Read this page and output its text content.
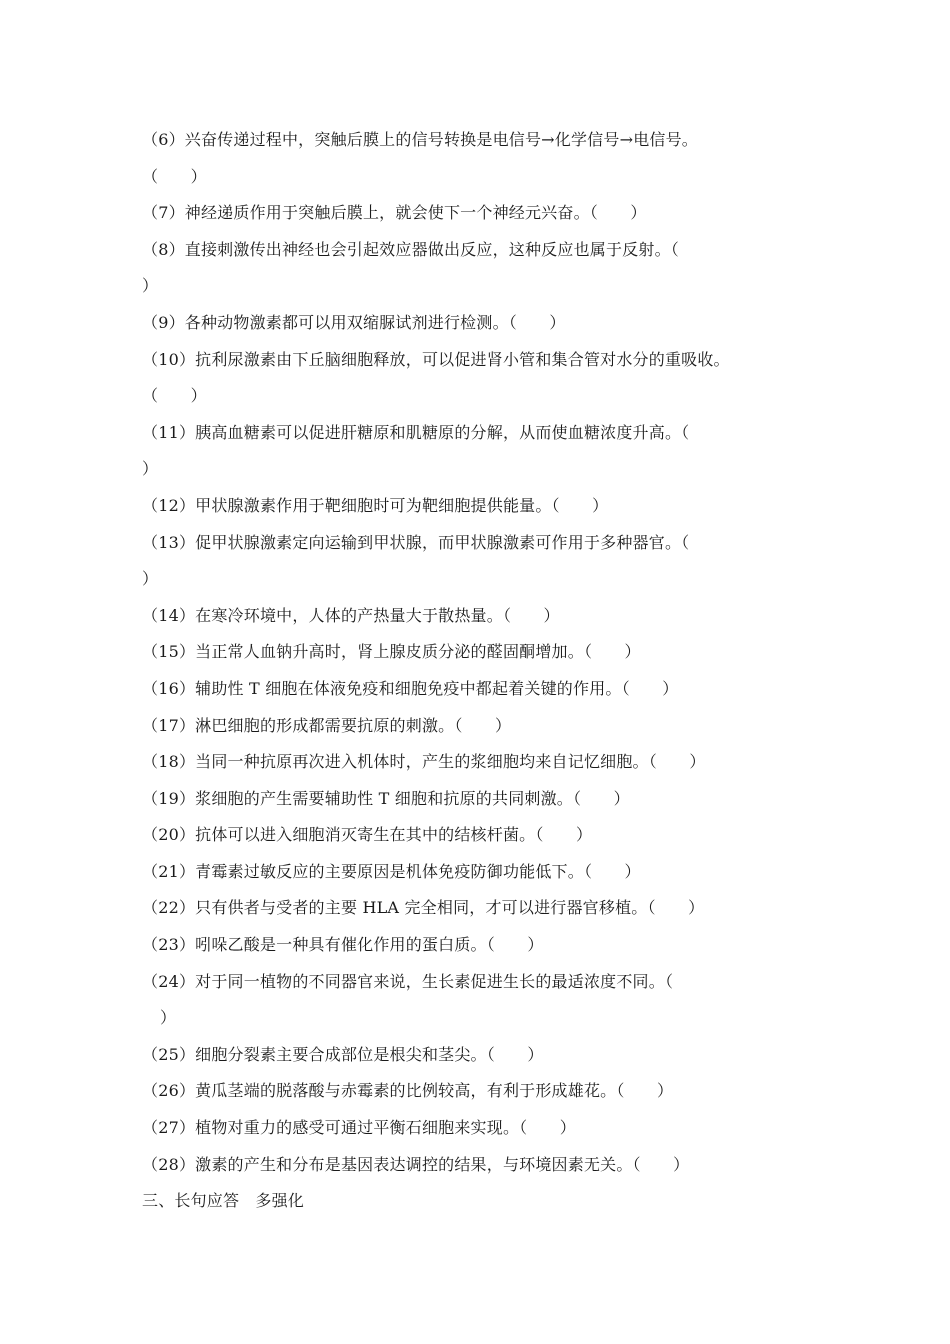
（6）兴奋传递过程中，突触后膜上的信号转换是电信号→化学信号→电信号。
（　　）
（7）神经递质作用于突触后膜上，就会使下一个神经元兴奋。（　　）
（8）直接刺激传出神经也会引起效应器做出反应，这种反应也属于反射。（
）
（9）各种动物激素都可以用双缩脲试剂进行检测。（　　）
（10）抗利尿激素由下丘脑细胞释放，可以促进肾小管和集合管对水分的重吸收。
（　　）
（11）胰高血糖素可以促进肝糖原和肌糖原的分解，从而使血糖浓度升高。（
）
（12）甲状腺激素作用于靶细胞时可为靶细胞提供能量。（　　）
（13）促甲状腺激素定向运输到甲状腺，而甲状腺激素可作用于多种器官。（
）
（14）在寒冷环境中，人体的产热量大于散热量。（　　）
（15）当正常人血钠升高时，肾上腺皮质分泌的醛固酮增加。（　　）
（16）辅助性 T 细胞在体液免疫和细胞免疫中都起着关键的作用。（　　）
（17）淋巴细胞的形成都需要抗原的刺激。（　　）
（18）当同一种抗原再次进入机体时，产生的浆细胞均来自记忆细胞。（　　）
（19）浆细胞的产生需要辅助性 T 细胞和抗原的共同刺激。（　　）
（20）抗体可以进入细胞消灭寄生在其中的结核杆菌。（　　）
（21）青霉素过敏反应的主要原因是机体免疫防御功能低下。（　　）
（22）只有供者与受者的主要 HLA 完全相同，才可以进行器官移植。（　　）
（23）吲哚乙酸是一种具有催化作用的蛋白质。（　　）
（24）对于同一植物的不同器官来说，生长素促进生长的最适浓度不同。（
）
（25）细胞分裂素主要合成部位是根尖和茎尖。（　　）
（26）黄瓜茎端的脱落酸与赤霉素的比例较高，有利于形成雄花。（　　）
（27）植物对重力的感受可通过平衡石细胞来实现。（　　）
（28）激素的产生和分布是基因表达调控的结果，与环境因素无关。（　　）
三、长句应答　多强化
